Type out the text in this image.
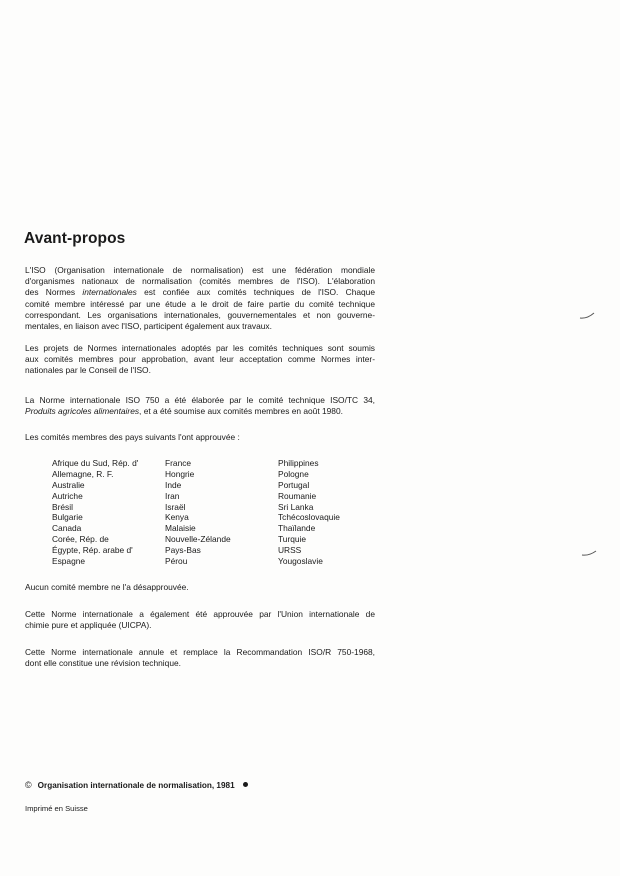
Avant-propos

L'ISO (Organisation internationale de normalisation) est une fédération mondiale
d'organismes nationaux de normalisation (comités membres de l'ISO). L'élaboration
des Normes internationales est confiée aux comités techniques de l'ISO. Chaque
comité membre intéressé par une étude a le droit de faire partie du comité technique
correspondant. Les organisations internationales, gouvernementales et non gouverne-
mentales, en liaison avec l'ISO, participent également aux travaux.

Les projets de Normes internationales adoptés par les comités techniques sont soumis
aux comités membres pour approbation, avant leur acceptation comme Normes inter-
nationales par le Conseil de l'ISO.

La Norme internationale ISO 750 a été élaborée par le comité technique ISO/TC 34,
Produits agricoles alimentaires, et a été soumise aux comités membres en août 1980.

Les comités membres des pays suivants l'ont approuvée :

Afrique du Sud, Rép. d'
Allemagne, R. F.
Australie
Autriche
Brésil
Bulgarie
Canada
Corée, Rép. de
Égypte, Rép. arabe d'
Espagne
France
Hongrie
Inde
Iran
Israël
Kenya
Malaisie
Nouvelle-Zélande
Pays-Bas
Pérou
Philippines
Pologne
Portugal
Roumanie
Sri Lanka
Tchécoslovaquie
Thaïlande
Turquie
URSS
Yougoslavie

Aucun comité membre ne l'a désapprouvée.

Cette Norme internationale a également été approuvée par l'Union internationale de
chimie pure et appliquée (UICPA).

Cette Norme internationale annule et remplace la Recommandation ISO/R 750-1968,
dont elle constitue une révision technique.

© Organisation internationale de normalisation, 1981
Imprimé en Suisse
